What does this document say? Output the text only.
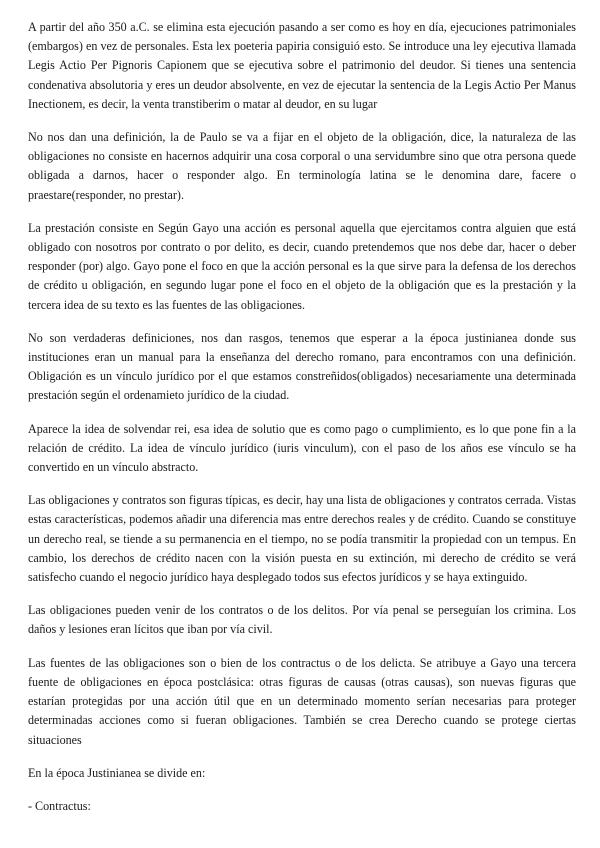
A partir del año 350 a.C. se elimina esta ejecución pasando a ser como es hoy en día, ejecuciones patrimoniales (embargos) en vez de personales. Esta lex poeteria papiria consiguió esto. Se introduce una ley ejecutiva llamada Legis Actio Per Pignoris Capionem que se ejecutiva sobre el patrimonio del deudor. Si tienes una sentencia condenativa absolutoria y eres un deudor absolvente, en vez de ejecutar la sentencia de la Legis Actio Per Manus Inectionem, es decir, la venta transtiberim o matar al deudor, en su lugar

No nos dan una definición, la de Paulo se va a fijar en el objeto de la obligación, dice, la naturaleza de las obligaciones no consiste en hacernos adquirir una cosa corporal o una servidumbre sino que otra persona quede obligada a darnos, hacer o responder algo. En terminología latina se le denomina dare, facere o praestare(responder, no prestar).

La prestación consiste en Según Gayo una acción es personal aquella que ejercitamos contra alguien que está obligado con nosotros por contrato o por delito, es decir, cuando pretendemos que nos debe dar, hacer o deber responder (por) algo. Gayo pone el foco en que la acción personal es la que sirve para la defensa de los derechos de crédito u obligación, en segundo lugar pone el foco en el objeto de la obligación que es la prestación y la tercera idea de su texto es las fuentes de las obligaciones.

No son verdaderas definiciones, nos dan rasgos, tenemos que esperar a la época justinianea donde sus instituciones eran un manual para la enseñanza del derecho romano, para encontramos con una definición. Obligación es un vínculo jurídico por el que estamos constreñidos(obligados) necesariamente una determinada prestación según el ordenamieto jurídico de la ciudad.

Aparece la idea de solvendar rei, esa idea de solutio que es como pago o cumplimiento, es lo que pone fin a la relación de crédito. La idea de vínculo jurídico (iuris vinculum), con el paso de los años ese vínculo se ha convertido en un vínculo abstracto.

Las obligaciones y contratos son figuras típicas, es decir, hay una lista de obligaciones y contratos cerrada. Vistas estas características, podemos añadir una diferencia mas entre derechos reales y de crédito. Cuando se constituye un derecho real, se tiende a su permanencia en el tiempo, no se podía transmitir la propiedad con un tempus. En cambio, los derechos de crédito nacen con la visión puesta en su extinción, mi derecho de crédito se verá satisfecho cuando el negocio jurídico haya desplegado todos sus efectos jurídicos y se haya extinguido.

Las obligaciones pueden venir de los contratos o de los delitos. Por vía penal se perseguían los crimina. Los daños y lesiones eran lícitos que iban por vía civil.

Las fuentes de las obligaciones son o bien de los contractus o de los delicta. Se atribuye a Gayo una tercera fuente de obligaciones en época postclásica: otras figuras de causas (otras causas), son nuevas figuras que estarían protegidas por una acción útil que en un determinado momento serían necesarias para proteger determinadas acciones como si fueran obligaciones. También se crea Derecho cuando se protege ciertas situaciones

En la época Justinianea se divide en:

- Contractus:
